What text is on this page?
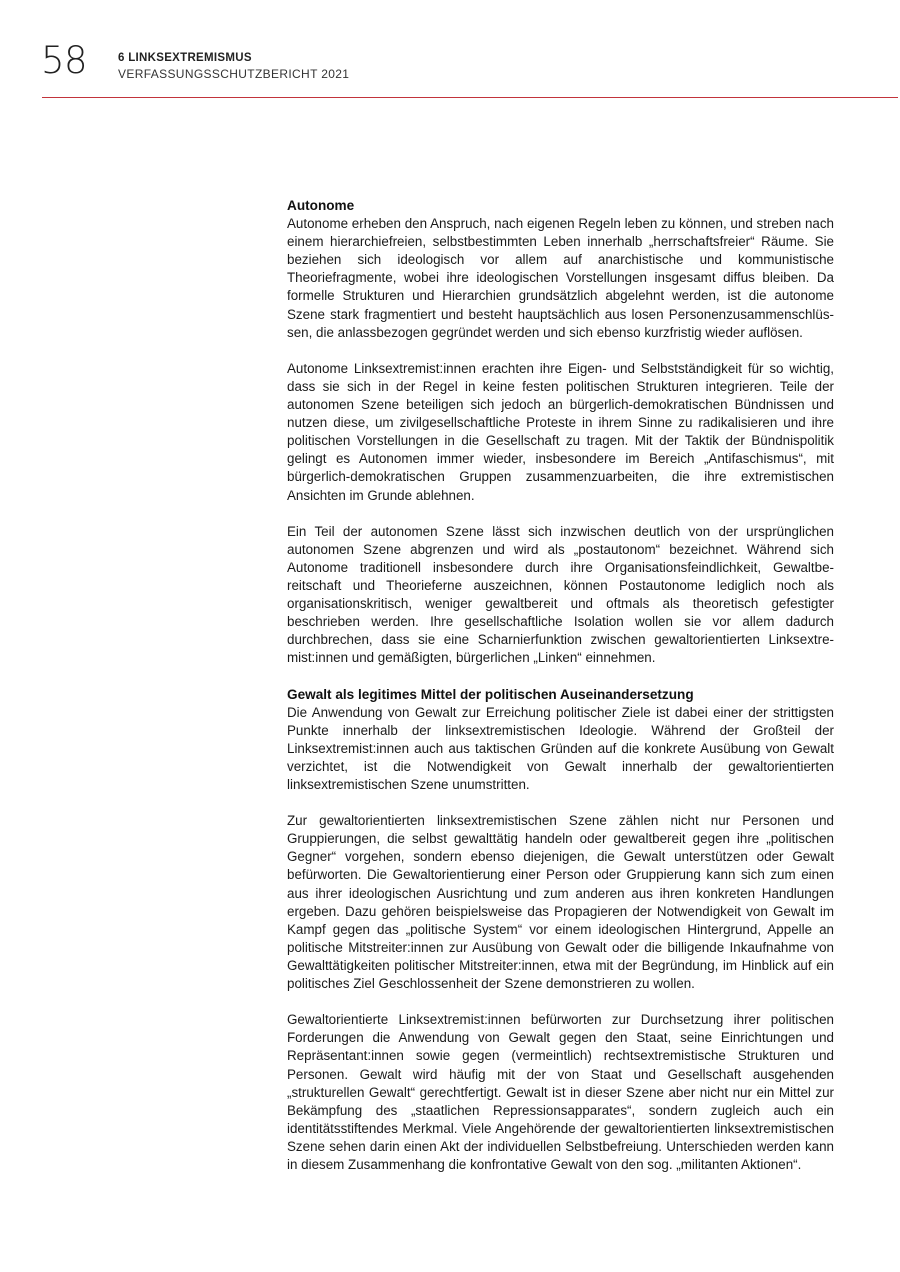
58	6 LINKSEXTREMISMUS
VERFASSUNGSSCHUTZBERICHT 2021
Autonome

Autonome erheben den Anspruch, nach eigenen Regeln leben zu können, und streben nach einem hierarchiefreien, selbstbestimmten Leben innerhalb „herrschaftsfreier“ Räume. Sie beziehen sich ideologisch vor allem auf anarchistische und kommunistische Theoriefragmente, wobei ihre ideologischen Vorstellungen insgesamt diffus bleiben. Da formelle Strukturen und Hierarchien grundsätzlich abgelehnt werden, ist die autonome Szene stark fragmentiert und besteht hauptsächlich aus losen Personenzusammenschlüssen, die anlassbezogen gegründet werden und sich ebenso kurzfristig wieder auflösen.

Autonome Linksextremist:innen erachten ihre Eigen- und Selbstständigkeit für so wichtig, dass sie sich in der Regel in keine festen politischen Strukturen integrieren. Teile der autonomen Szene beteiligen sich jedoch an bürgerlich-demokratischen Bündnissen und nutzen diese, um zivilgesellschaftliche Proteste in ihrem Sinne zu radikalisieren und ihre politischen Vorstellungen in die Gesellschaft zu tragen. Mit der Taktik der Bündnispolitik gelingt es Autonomen immer wieder, insbesondere im Bereich „Antifaschismus“, mit bürgerlich-demokratischen Gruppen zusammenzuarbeiten, die ihre extremistischen Ansichten im Grunde ablehnen.

Ein Teil der autonomen Szene lässt sich inzwischen deutlich von der ursprünglichen autonomen Szene abgrenzen und wird als „postautonom“ bezeichnet. Während sich Autonome traditionell insbesondere durch ihre Organisationsfeindlichkeit, Gewaltbereitschaft und Theorieferne auszeichnen, können Postautonome lediglich noch als organisationskritisch, weniger gewaltbereit und oftmals als theoretisch gefestigter beschrieben werden. Ihre gesellschaftliche Isolation wollen sie vor allem dadurch durchbrechen, dass sie eine Scharnierfunktion zwischen gewaltorientierten Linksextremist:innen und gemäßigten, bürgerlichen „Linken“ einnehmen.

Gewalt als legitimes Mittel der politischen Auseinandersetzung

Die Anwendung von Gewalt zur Erreichung politischer Ziele ist dabei einer der strittigsten Punkte innerhalb der linksextremistischen Ideologie. Während der Großteil der Linksextremist:innen auch aus taktischen Gründen auf die konkrete Ausübung von Gewalt verzichtet, ist die Notwendigkeit von Gewalt innerhalb der gewaltorientierten linksextremistischen Szene unumstritten.

Zur gewaltorientierten linksextremistischen Szene zählen nicht nur Personen und Gruppierungen, die selbst gewalttätig handeln oder gewaltbereit gegen ihre „politischen Gegner“ vorgehen, sondern ebenso diejenigen, die Gewalt unterstützen oder Gewalt befürworten. Die Gewaltorientierung einer Person oder Gruppierung kann sich zum einen aus ihrer ideologischen Ausrichtung und zum anderen aus ihren konkreten Handlungen ergeben. Dazu gehören beispielsweise das Propagieren der Notwendigkeit von Gewalt im Kampf gegen das „politische System“ vor einem ideologischen Hintergrund, Appelle an politische Mitstreiter:innen zur Ausübung von Gewalt oder die billigende Inkaufnahme von Gewalttätigkeiten politischer Mitstreiter:innen, etwa mit der Begründung, im Hinblick auf ein politisches Ziel Geschlossenheit der Szene demonstrieren zu wollen.

Gewaltorientierte Linksextremist:innen befürworten zur Durchsetzung ihrer politischen Forderungen die Anwendung von Gewalt gegen den Staat, seine Einrichtungen und Repräsentant:innen sowie gegen (vermeintlich) rechtsextremistische Strukturen und Personen. Gewalt wird häufig mit der von Staat und Gesellschaft ausgehenden „strukturellen Gewalt“ gerechtfertigt. Gewalt ist in dieser Szene aber nicht nur ein Mittel zur Bekämpfung des „staatlichen Repressionsapparates“, sondern zugleich auch ein identitätsstiftendes Merkmal. Viele Angehörende der gewaltorientierten linksextremistischen Szene sehen darin einen Akt der individuellen Selbstbefreiung. Unterschieden werden kann in diesem Zusammenhang die konfrontative Gewalt von den sog. „militanten Aktionen“.
